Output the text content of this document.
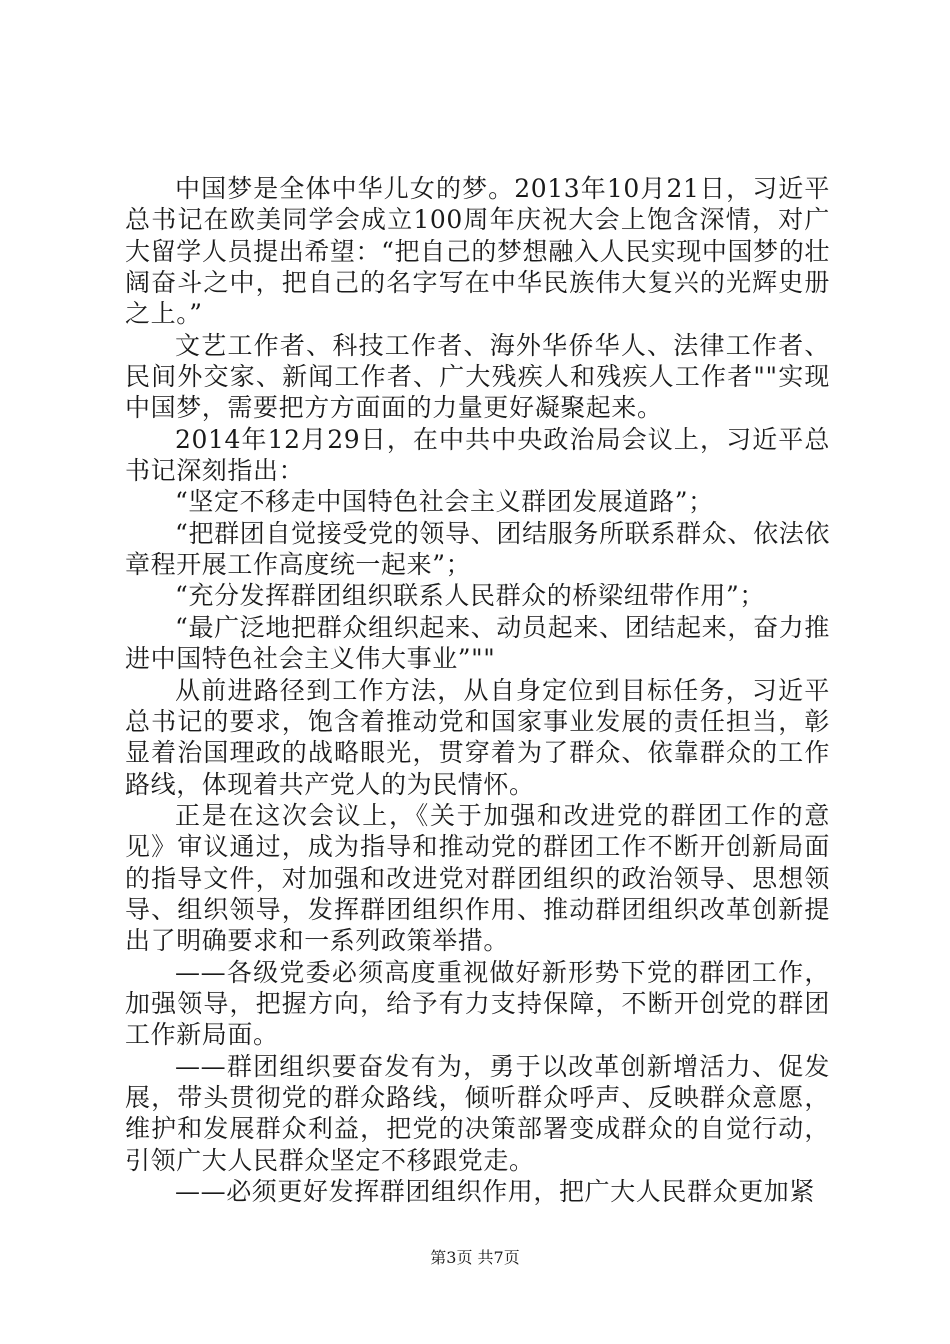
中国梦是全体中华儿女的梦。2013年10月21日，习近平总书记在欧美同学会成立100周年庆祝大会上饱含深情，对广大留学人员提出希望：“把自己的梦想融入人民实现中国梦的壮阔奋斗之中，把自己的名字写在中华民族伟大复兴的光辉史册之上。”

文艺工作者、科技工作者、海外华侨华人、法律工作者、民间外交家、新闻工作者、广大残疾人和残疾人工作者""实现中国梦，需要把方方面面的力量更好凝聚起来。

2014年12月29日，在中共中央政治局会议上，习近平总书记深刻指出：

“坚定不移走中国特色社会主义群团发展道路”；

“把群团自觉接受党的领导、团结服务所联系群众、依法依章程开展工作高度统一起来”；

“充分发挥群团组织联系人民群众的桥梁纽带作用”；

“最广泛地把群众组织起来、动员起来、团结起来，奋力推进中国特色社会主义伟大事业”""

从前进路径到工作方法，从自身定位到目标任务，习近平总书记的要求，饱含着推动党和国家事业发展的责任担当，彰显着治国理政的战略眼光，贯穿着为了群众、依靠群众的工作路线，体现着共产党人的为民情怀。

正是在这次会议上，《关于加强和改进党的群团工作的意见》审议通过，成为指导和推动党的群团工作不断开创新局面的指导文件，对加强和改进党对群团组织的政治领导、思想领导、组织领导，发挥群团组织作用、推动群团组织改革创新提出了明确要求和一系列政策举措。

——各级党委必须高度重视做好新形势下党的群团工作，加强领导，把握方向，给予有力支持保障，不断开创党的群团工作新局面。

——群团组织要奋发有为，勇于以改革创新增活力、促发展，带头贯彻党的群众路线，倾听群众呼声、反映群众意愿，维护和发展群众利益，把党的决策部署变成群众的自觉行动，引领广大人民群众坚定不移跟党走。

——必须更好发挥群团组织作用，把广大人民群众更加紧

第3页 共7页
